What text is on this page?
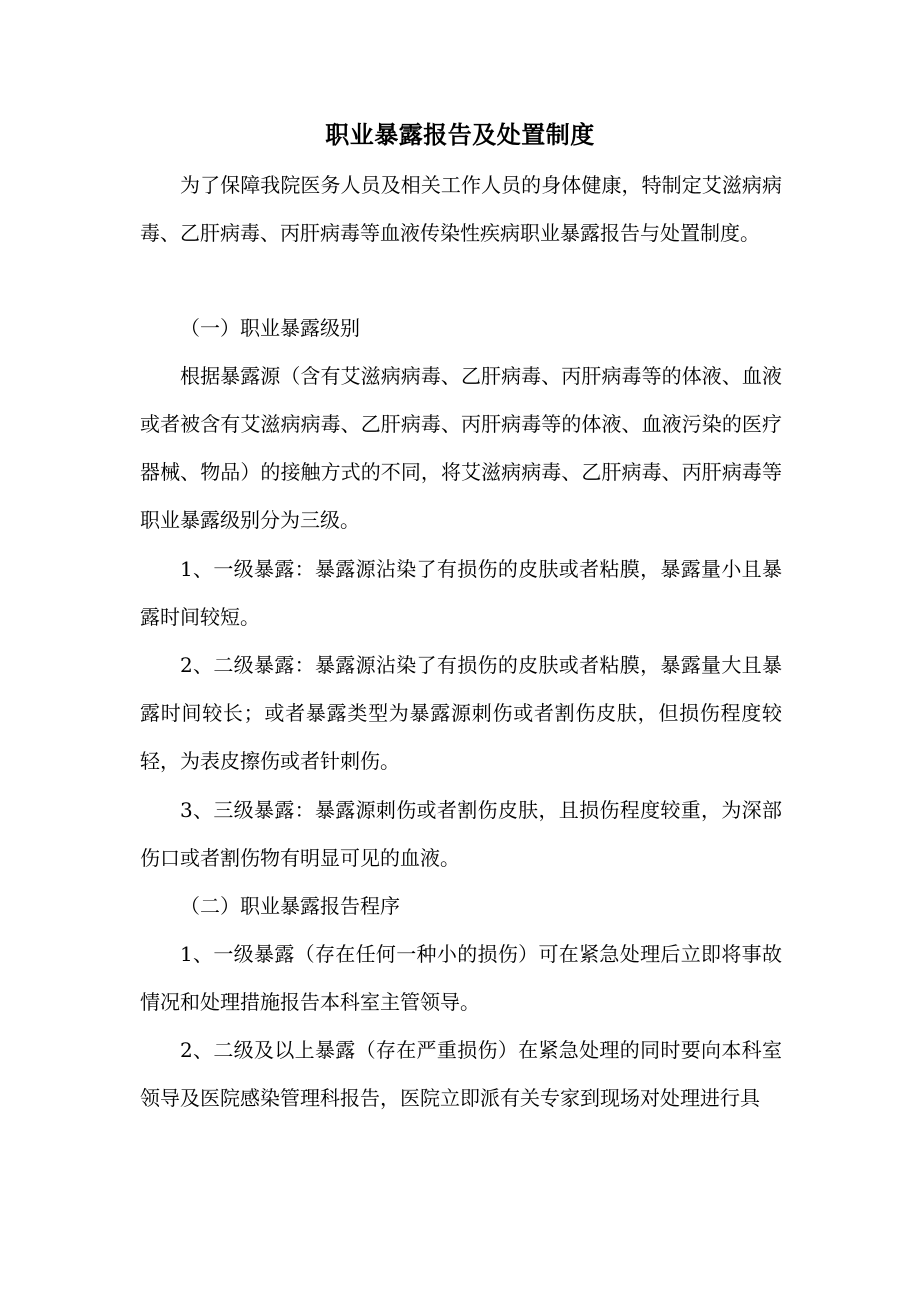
职业暴露报告及处置制度

为了保障我院医务人员及相关工作人员的身体健康，特制定艾滋病病毒、乙肝病毒、丙肝病毒等血液传染性疾病职业暴露报告与处置制度。

（一）职业暴露级别

根据暴露源（含有艾滋病病毒、乙肝病毒、丙肝病毒等的体液、血液或者被含有艾滋病病毒、乙肝病毒、丙肝病毒等的体液、血液污染的医疗器械、物品）的接触方式的不同，将艾滋病病毒、乙肝病毒、丙肝病毒等职业暴露级别分为三级。

1、一级暴露：暴露源沾染了有损伤的皮肤或者粘膜，暴露量小且暴露时间较短。

2、二级暴露：暴露源沾染了有损伤的皮肤或者粘膜，暴露量大且暴露时间较长；或者暴露类型为暴露源刺伤或者割伤皮肤，但损伤程度较轻，为表皮擦伤或者针刺伤。

3、三级暴露：暴露源刺伤或者割伤皮肤，且损伤程度较重，为深部伤口或者割伤物有明显可见的血液。

（二）职业暴露报告程序

1、一级暴露（存在任何一种小的损伤）可在紧急处理后立即将事故情况和处理措施报告本科室主管领导。

2、二级及以上暴露（存在严重损伤）在紧急处理的同时要向本科室领导及医院感染管理科报告，医院立即派有关专家到现场对处理进行具
